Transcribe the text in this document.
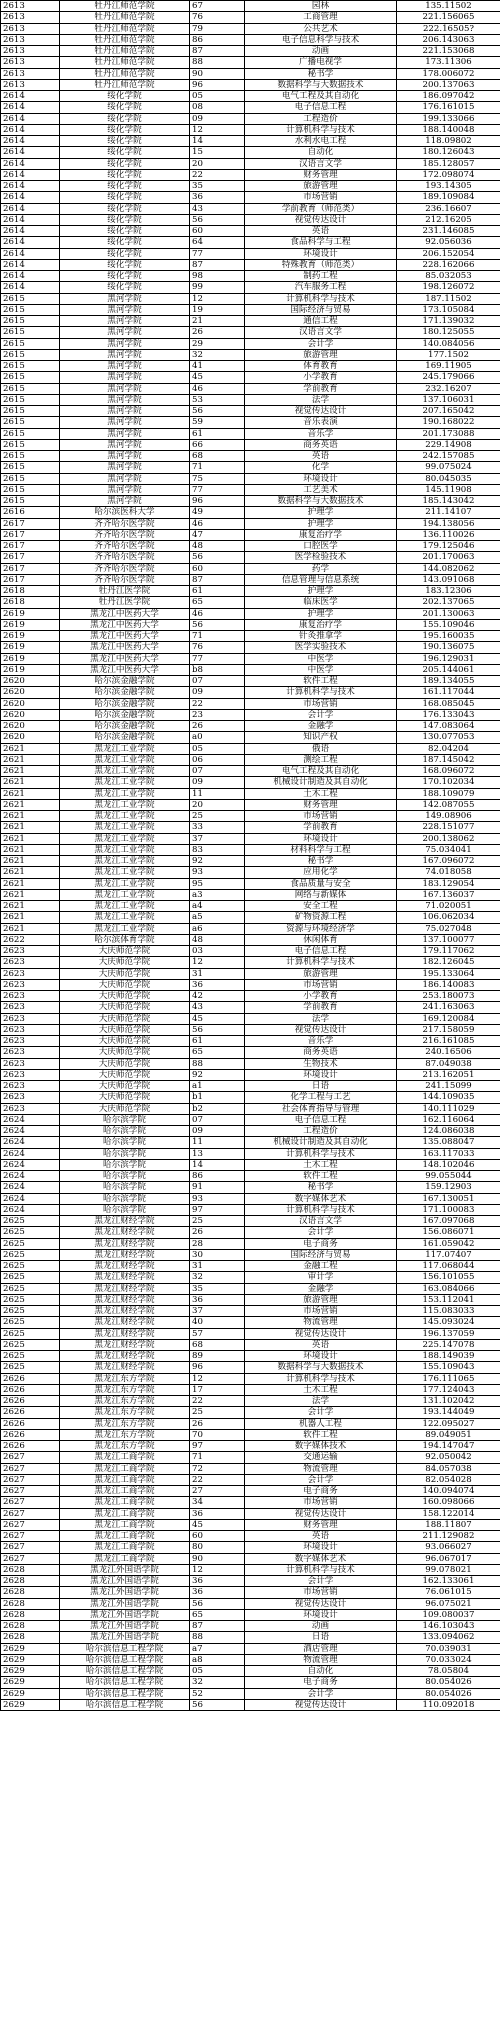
2613	牡丹江师范学院	67	园林	135.11502
2613	牡丹江师范学院	76	工商管理	221.156065
2613	牡丹江师范学院	79	公共艺术	222.16505?
2613	牡丹江师范学院	86	电子信息科学与技术	206.143063
2613	牡丹江师范学院	87	动画	221.153068
2613	牡丹江师范学院	88	广播电视学	173.11306
2613	牡丹江师范学院	90	秘书学	178.006072
2613	牡丹江师范学院	96	数据科学与大数据技术	200.137063
2614	绥化学院	05	电气工程及其自动化	186.097042
2614	绥化学院	08	电子信息工程	176.161015
2614	绥化学院	09	工程造价	199.133066
2614	绥化学院	12	计算机科学与技术	188.140048
2614	绥化学院	14	水利水电工程	118.09802
2614	绥化学院	15	自动化	180.126043
2614	绥化学院	20	汉语言文学	185.128057
2614	绥化学院	22	财务管理	172.098074
2614	绥化学院	35	旅游管理	193.14305
2614	绥化学院	36	市场营销	189.109084
2614	绥化学院	43	学前教育（师范类）	236.16607
2614	绥化学院	56	视觉传达设计	212.16205
2614	绥化学院	60	英语	231.146085
2614	绥化学院	64	食品科学与工程	92.056036
2614	绥化学院	77	环境设计	206.152054
2614	绥化学院	87	特殊教育（师范类）	228.162066
2614	绥化学院	98	制药工程	85.032053
2614	绥化学院	99	汽车服务工程	198.126072
2615	黑河学院	12	计算机科学与技术	187.11502
2615	黑河学院	19	国际经济与贸易	173.105084
2615	黑河学院	21	通信工程	171.139032
2615	黑河学院	26	汉语言文学	180.125055
2615	黑河学院	29	会计学	140.084056
2615	黑河学院	32	旅游管理	177.1502
2615	黑河学院	41	体育教育	169.11905
2615	黑河学院	45	小学教育	245.179066
2615	黑河学院	46	学前教育	232.16207
2615	黑河学院	53	法学	137.106031
2615	黑河学院	56	视觉传达设计	207.165042
2615	黑河学院	59	音乐表演	190.168022
2615	黑河学院	61	音乐学	201.173088
2615	黑河学院	66	商务英语	229.14908
2615	黑河学院	68	英语	242.157085
2615	黑河学院	71	化学	99.075024
2615	黑河学院	75	环境设计	80.045035
2615	黑河学院	77	工艺美术	145.11908
2615	黑河学院	96	数据科学与大数据技术	185.143042
2616	哈尔滨医科大学	49	护理学	211.14107
2617	齐齐哈尔医学院	46	护理学	194.138056
2617	齐齐哈尔医学院	47	康复治疗学	136.110026
2617	齐齐哈尔医学院	48	口腔医学	179.125046
2617	齐齐哈尔医学院	56	医学检验技术	201.170063
2617	齐齐哈尔医学院	60	药学	144.082062
2617	齐齐哈尔医学院	87	信息管理与信息系统	143.091068
2618	牡丹江医学院	61	护理学	183.12306
2618	牡丹江医学院	65	临床医学	202.137065
2619	黑龙江中医药大学	46	护理学	201.130063
2619	黑龙江中医药大学	56	康复治疗学	155.109046
2619	黑龙江中医药大学	71	针灸推拿学	195.160035
2619	黑龙江中医药大学	76	医学实验技术	190.136075
2619	黑龙江中医药大学	77	中医学	196.129031
2619	黑龙江中医药大学	b8	中医学	205.144061
2620	哈尔滨金融学院	07	软件工程	189.134055
2620	哈尔滨金融学院	09	计算机科学与技术	161.117044
2620	哈尔滨金融学院	22	市场营销	168.085045
2620	哈尔滨金融学院	23	会计学	176.133043
2620	哈尔滨金融学院	26	金融学	147.083064
2620	哈尔滨金融学院	a0	知识产权	130.077053
2621	黑龙江工业学院	05	俄语	82.04204
2621	黑龙江工业学院	06	测绘工程	187.145042
2621	黑龙江工业学院	07	电气工程及其自动化	168.096072
2621	黑龙江工业学院	09	机械设计制造及其自动化	170.102034
2621	黑龙江工业学院	11	土木工程	188.109079
2621	黑龙江工业学院	20	财务管理	142.087055
2621	黑龙江工业学院	25	市场营销	149.08906
2621	黑龙江工业学院	33	学前教育	228.151077
2621	黑龙江工业学院	37	环境设计	200.138062
2621	黑龙江工业学院	83	材料科学与工程	75.034041
2621	黑龙江工业学院	92	秘书学	167.096072
2621	黑龙江工业学院	93	应用化学	74.018058
2621	黑龙江工业学院	95	食品质量与安全	183.129054
2621	黑龙江工业学院	a3	网络与新媒体	167.136037
2621	黑龙江工业学院	a4	安全工程	71.020051
2621	黑龙江工业学院	a5	矿物资源工程	106.062034
2621	黑龙江工业学院	a6	资源与环境经济学	75.027048
2622	哈尔滨体育学院	48	休闲体育	137.100077
2623	大庆师范学院	03	电子信息工程	179.117062
2623	大庆师范学院	12	计算机科学与技术	182.126045
2623	大庆师范学院	31	旅游管理	195.133064
2623	大庆师范学院	36	市场营销	186.140083
2623	大庆师范学院	42	小学教育	253.180073
2623	大庆师范学院	43	学前教育	241.163063
2623	大庆师范学院	45	法学	169.120084
2623	大庆师范学院	56	视觉传达设计	217.158059
2623	大庆师范学院	61	音乐学	216.161085
2623	大庆师范学院	65	商务英语	240.16506
2623	大庆师范学院	88	生物技术	87.049038
2623	大庆师范学院	92	环境设计	213.162051
2623	大庆师范学院	a1	日语	241.15099
2623	大庆师范学院	b1	化学工程与工艺	144.109035
2623	大庆师范学院	b2	社会体育指导与管理	140.111029
2624	哈尔滨学院	07	电子信息工程	162.116064
2624	哈尔滨学院	09	工程造价	124.086038
2624	哈尔滨学院	11	机械设计制造及其自动化	135.088047
2624	哈尔滨学院	13	计算机科学与技术	163.117033
2624	哈尔滨学院	14	土木工程	148.102046
2624	哈尔滨学院	86	软件工程	99.055044
2624	哈尔滨学院	91	秘书学	159.12903
2624	哈尔滨学院	93	数字媒体艺术	167.130051
2624	哈尔滨学院	97	计算机科学与技术	171.100083
2625	黑龙江财经学院	25	汉语言文学	167.097068
2625	黑龙江财经学院	26	会计学	156.086071
2625	黑龙江财经学院	28	电子商务	161.059042
2625	黑龙江财经学院	30	国际经济与贸易	117.07407
2625	黑龙江财经学院	31	金融工程	117.068044
2625	黑龙江财经学院	32	审计学	156.101055
2625	黑龙江财经学院	35	金融学	163.084066
2625	黑龙江财经学院	36	旅游管理	153.112041
2625	黑龙江财经学院	37	市场营销	115.083033
2625	黑龙江财经学院	40	物流管理	145.093024
2625	黑龙江财经学院	57	视觉传达设计	196.137059
2625	黑龙江财经学院	68	英语	225.147078
2625	黑龙江财经学院	89	环境设计	188.149039
2625	黑龙江财经学院	96	数据科学与大数据技术	155.109043
2626	黑龙江东方学院	12	计算机科学与技术	176.111065
2626	黑龙江东方学院	17	土木工程	177.124043
2626	黑龙江东方学院	22	法学	131.102042
2626	黑龙江东方学院	25	会计学	193.144049
2626	黑龙江东方学院	26	机器人工程	122.095027
2626	黑龙江东方学院	70	软件工程	89.049051
2626	黑龙江东方学院	97	数字媒体技术	194.147047
2627	黑龙江工商学院	71	交通运输	92.050042
2627	黑龙江工商学院	72	物流管理	84.057038
2627	黑龙江工商学院	22	会计学	82.054028
2627	黑龙江工商学院	27	电子商务	140.094074
2627	黑龙江工商学院	34	市场营销	160.098066
2627	黑龙江工商学院	36	视觉传达设计	158.122014
2627	黑龙江工商学院	45	财务管理	188.11807
2627	黑龙江工商学院	60	英语	211.129082
2627	黑龙江工商学院	80	环境设计	93.066027
2627	黑龙江工商学院	90	数字媒体艺术	96.067017
2628	黑龙江外国语学院	12	计算机科学与技术	99.078021
2628	黑龙江外国语学院	36	会计学	162.133061
2628	黑龙江外国语学院	36	市场营销	76.061015
2628	黑龙江外国语学院	56	视觉传达设计	96.075021
2628	黑龙江外国语学院	65	环境设计	109.080037
2628	黑龙江外国语学院	87	动画	146.103043
2628	黑龙江外国语学院	88	日语	133.094062
2629	哈尔滨信息工程学院	a7	酒店管理	70.039031
2629	哈尔滨信息工程学院	a8	物流管理	70.033024
2629	哈尔滨信息工程学院	05	自动化	78.05804
2629	哈尔滨信息工程学院	32	电子商务	80.054026
2629	哈尔滨信息工程学院	52	会计学	80.054026
2629	哈尔滨信息工程学院	56	视觉传达设计	110.092018
